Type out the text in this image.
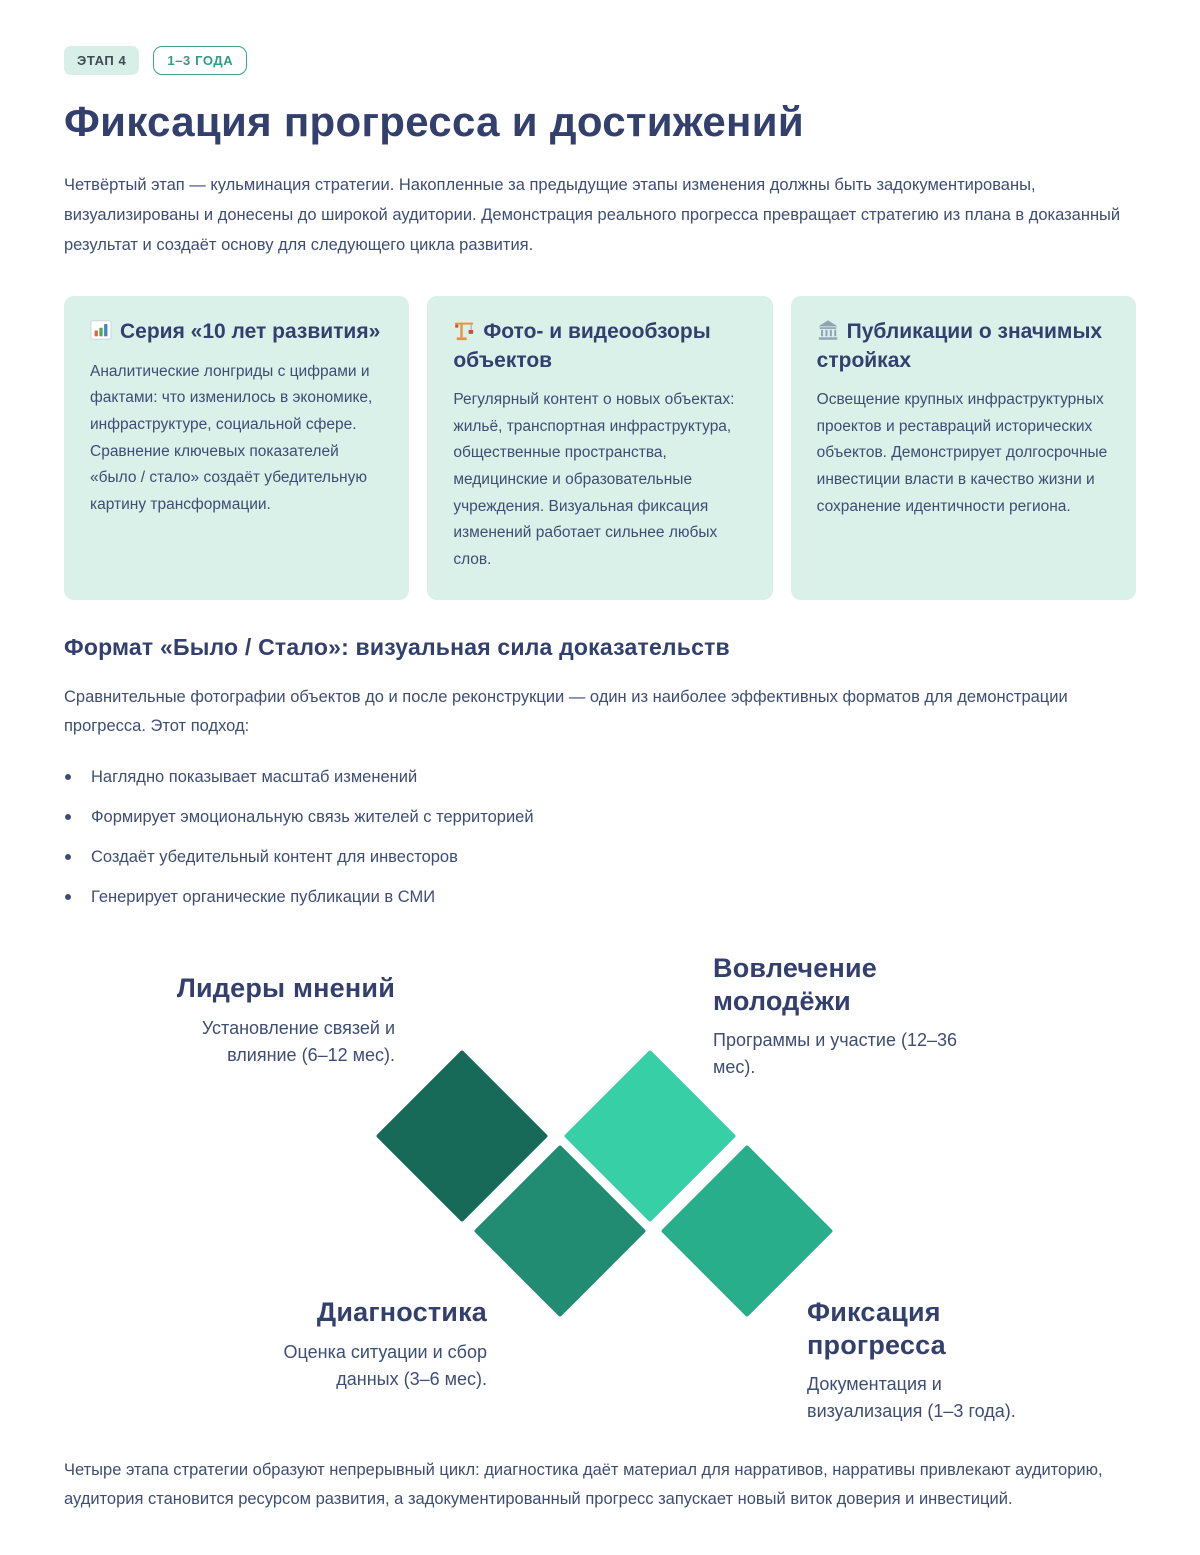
ЭТАП 4	1–3 ГОДА
Фиксация прогресса и достижений

Четвёртый этап — кульминация стратегии. Накопленные за предыдущие этапы изменения должны быть задокументированы, визуализированы и донесены до широкой аудитории. Демонстрация реального прогресса превращает стратегию из плана в доказанный результат и создаёт основу для следующего цикла развития.

Серия «10 лет развития»

Аналитические лонгриды с цифрами и фактами: что изменилось в экономике, инфраструктуре, социальной сфере. Сравнение ключевых показателей «было / стало» создаёт убедительную картину трансформации.

Фото- и видеообзоры объектов

Регулярный контент о новых объектах: жильё, транспортная инфраструктура, общественные пространства, медицинские и образовательные учреждения. Визуальная фиксация изменений работает сильнее любых слов.

Публикации о значимых стройках

Освещение крупных инфраструктурных проектов и реставраций исторических объектов. Демонстрирует долгосрочные инвестиции власти в качество жизни и сохранение идентичности региона.

Формат «Было / Стало»: визуальная сила доказательств

Сравнительные фотографии объектов до и после реконструкции — один из наиболее эффективных форматов для демонстрации прогресса. Этот подход:

Наглядно показывает масштаб изменений
Формирует эмоциональную связь жителей с территорией
Создаёт убедительный контент для инвесторов
Генерирует органические публикации в СМИ
Лидеры мнений

Установление связей и влияние (6–12 мес).

Вовлечение молодёжи

Программы и участие (12–36 мес).

Диагностика

Оценка ситуации и сбор данных (3–6 мес).

Фиксация прогресса

Документация и визуализация (1–3 года).

Четыре этапа стратегии образуют непрерывный цикл: диагностика даёт материал для нарративов, нарративы привлекают аудиторию, аудитория становится ресурсом развития, а задокументированный прогресс запускает новый виток доверия и инвестиций.
